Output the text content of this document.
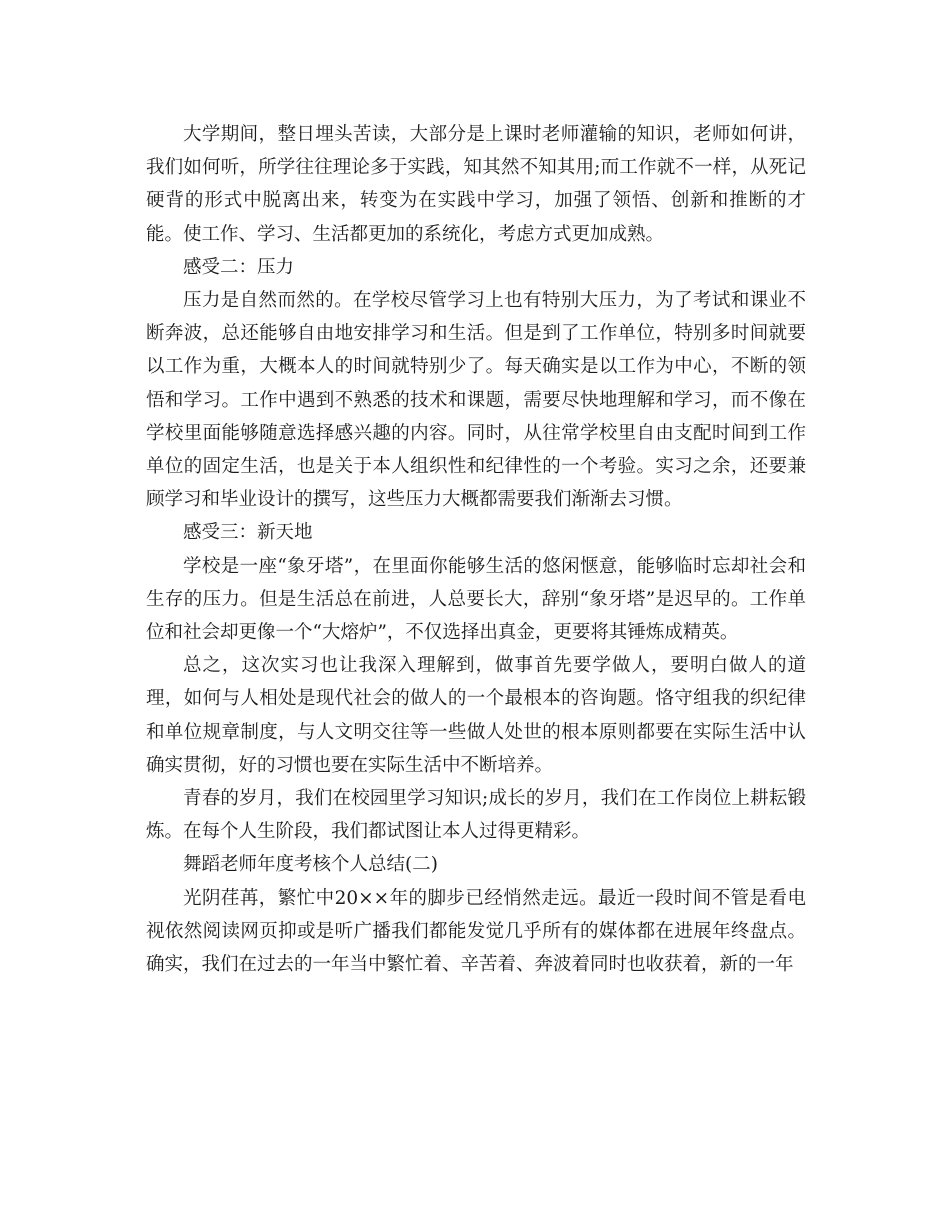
大学期间，整日埋头苦读，大部分是上课时老师灌输的知识，老师如何讲，我们如何听，所学往往理论多于实践，知其然不知其用;而工作就不一样，从死记硬背的形式中脱离出来，转变为在实践中学习，加强了领悟、创新和推断的才能。使工作、学习、生活都更加的系统化，考虑方式更加成熟。

感受二：压力

压力是自然而然的。在学校尽管学习上也有特别大压力，为了考试和课业不断奔波，总还能够自由地安排学习和生活。但是到了工作单位，特别多时间就要以工作为重，大概本人的时间就特别少了。每天确实是以工作为中心，不断的领悟和学习。工作中遇到不熟悉的技术和课题，需要尽快地理解和学习，而不像在学校里面能够随意选择感兴趣的内容。同时，从往常学校里自由支配时间到工作单位的固定生活，也是关于本人组织性和纪律性的一个考验。实习之余，还要兼顾学习和毕业设计的撰写，这些压力大概都需要我们渐渐去习惯。

感受三：新天地

学校是一座“象牙塔”，在里面你能够生活的悠闲惬意，能够临时忘却社会和生存的压力。但是生活总在前进，人总要长大，辞别“象牙塔”是迟早的。工作单位和社会却更像一个“大熔炉”，不仅选择出真金，更要将其锤炼成精英。

总之，这次实习也让我深入理解到，做事首先要学做人，要明白做人的道理，如何与人相处是现代社会的做人的一个最根本的咨询题。恪守组我的织纪律和单位规章制度，与人文明交往等一些做人处世的根本原则都要在实际生活中认确实贯彻，好的习惯也要在实际生活中不断培养。

青春的岁月，我们在校园里学习知识;成长的岁月，我们在工作岗位上耕耘锻炼。在每个人生阶段，我们都试图让本人过得更精彩。

舞蹈老师年度考核个人总结(二)

光阴荏苒，繁忙中20××年的脚步已经悄然走远。最近一段时间不管是看电视依然阅读网页抑或是听广播我们都能发觉几乎所有的媒体都在进展年终盘点。确实，我们在过去的一年当中繁忙着、辛苦着、奔波着同时也收获着，新的一年
